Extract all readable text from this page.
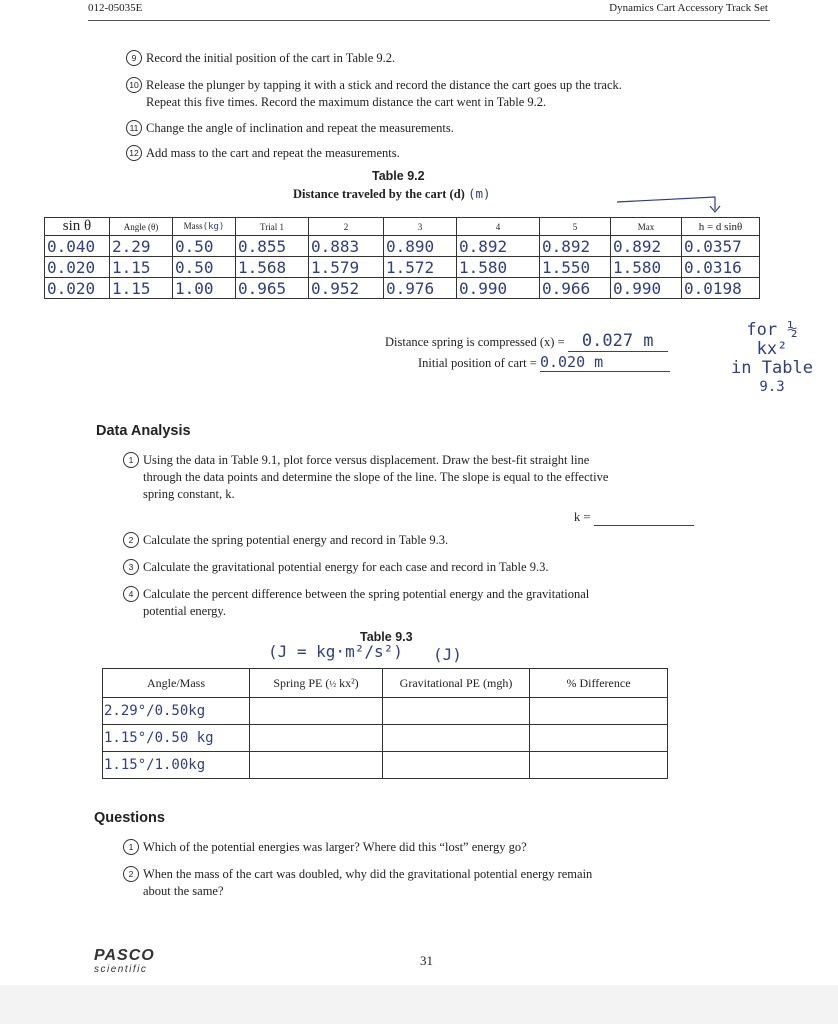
012-05035E	Dynamics Cart Accessory Track Set
9 Record the initial position of the cart in Table 9.2.
10 Release the plunger by tapping it with a stick and record the distance the cart goes up the track.
Repeat this five times. Record the maximum distance the cart went in Table 9.2.
11 Change the angle of inclination and repeat the measurements.
12 Add mass to the cart and repeat the measurements.
Table 9.2
Distance traveled by the cart (d) (m)
sin θ	Angle (θ)	Mass(kg)	Trial 1	2	3	4	5	Max	h = d sinθ
0.040	2.29	0.50	0.855	0.883	0.890	0.892	0.892	0.892	0.0357
0.020	1.15	0.50	1.568	1.579	1.572	1.580	1.550	1.580	0.0316
0.020	1.15	1.00	0.965	0.952	0.976	0.990	0.966	0.990	0.0198
Distance spring is compressed (x) = 0.027 m
Initial position of cart = 0.020 m
for ½ kx²
in Table
9.3
Data Analysis
1 Using the data in Table 9.1, plot force versus displacement. Draw the best-fit straight line
through the data points and determine the slope of the line. The slope is equal to the effective
spring constant, k.
k =
2 Calculate the spring potential energy and record in Table 9.3.
3 Calculate the gravitational potential energy for each case and record in Table 9.3.
4 Calculate the percent difference between the spring potential energy and the gravitational
potential energy.
Table 9.3
(J = kg·m²/s²) (J)
Angle/Mass	Spring PE (½ kx²)	Gravitational PE (mgh)	% Difference
2.29°/0.50kg			
1.15°/0.50 kg			
1.15°/1.00kg			
Questions
1 Which of the potential energies was larger? Where did this “lost” energy go?
2 When the mass of the cart was doubled, why did the gravitational potential energy remain
about the same?
PASCO
scientific
31
